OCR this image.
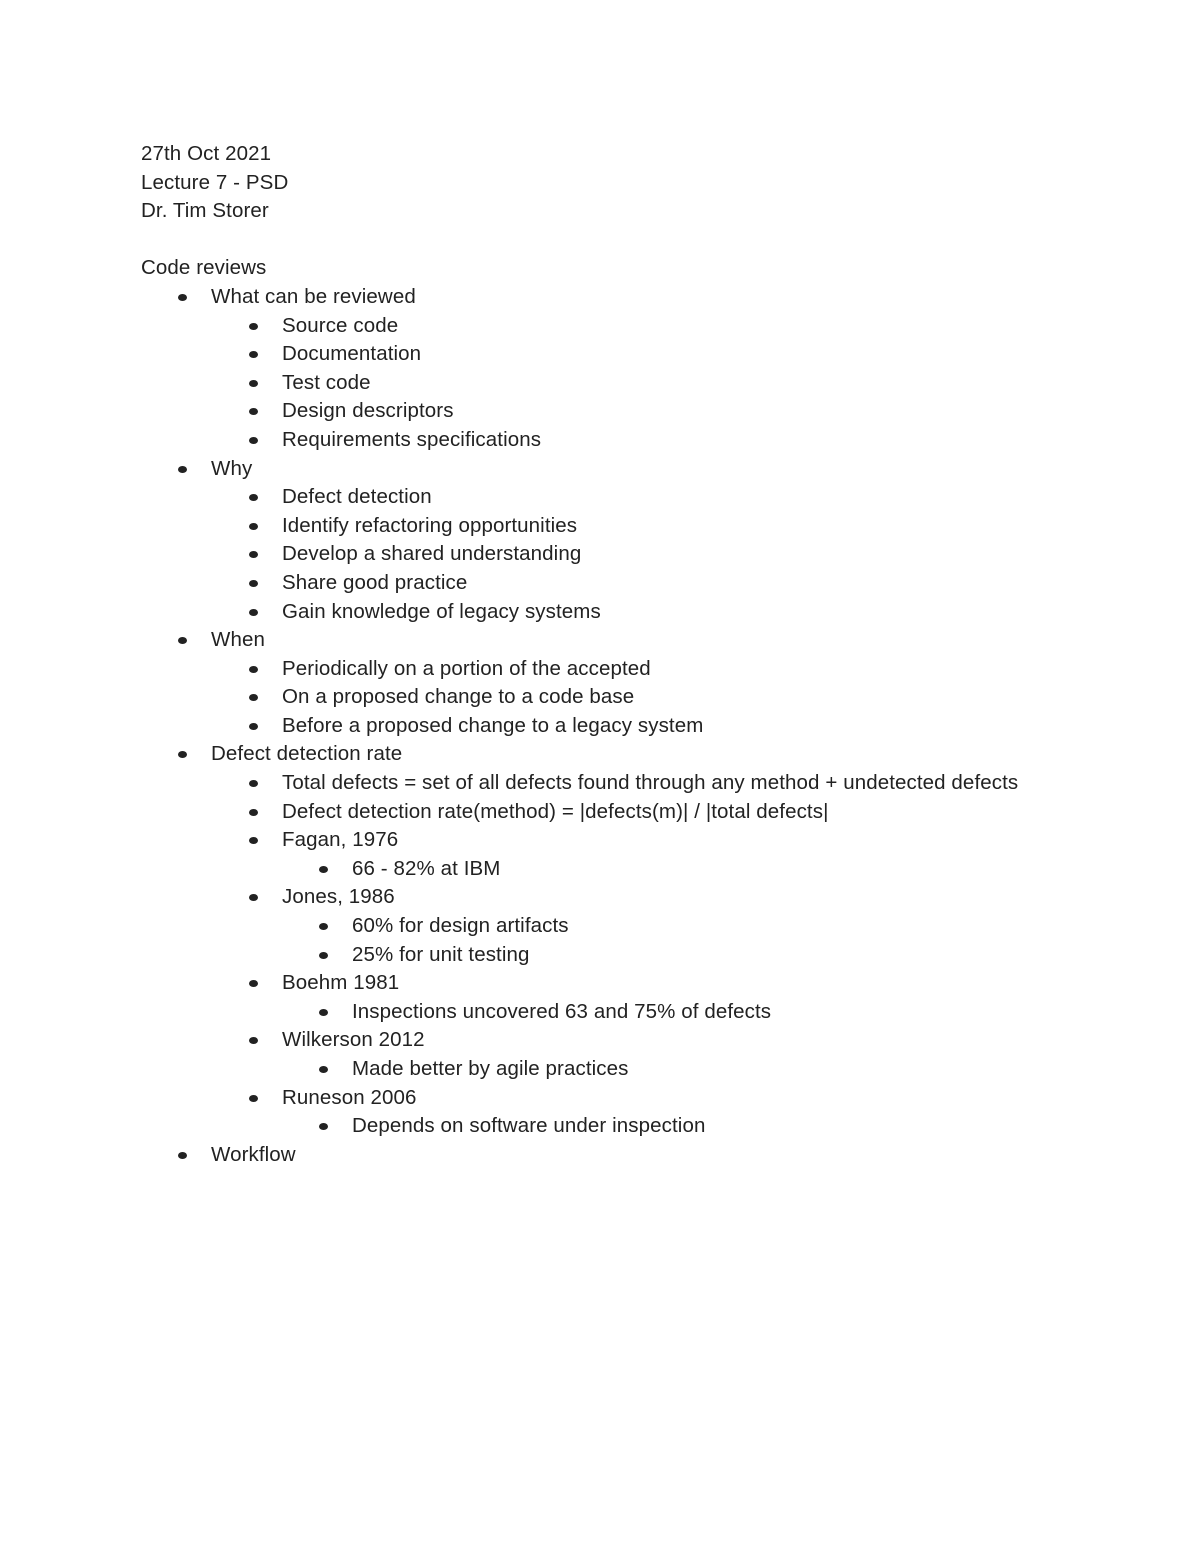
27th Oct 2021
Lecture 7 - PSD
Dr. Tim Storer
Code reviews
What can be reviewed
Source code
Documentation
Test code
Design descriptors
Requirements specifications
Why
Defect detection
Identify refactoring opportunities
Develop a shared understanding
Share good practice
Gain knowledge of legacy systems
When
Periodically on a portion of the accepted
On a proposed change to a code base
Before a proposed change to a legacy system
Defect detection rate
Total defects = set of all defects found through any method + undetected defects
Defect detection rate(method) = |defects(m)| / |total defects|
Fagan, 1976
66 - 82% at IBM
Jones, 1986
60% for design artifacts
25% for unit testing
Boehm 1981
Inspections uncovered 63 and 75% of defects
Wilkerson 2012
Made better by agile practices
Runeson 2006
Depends on software under inspection
Workflow
